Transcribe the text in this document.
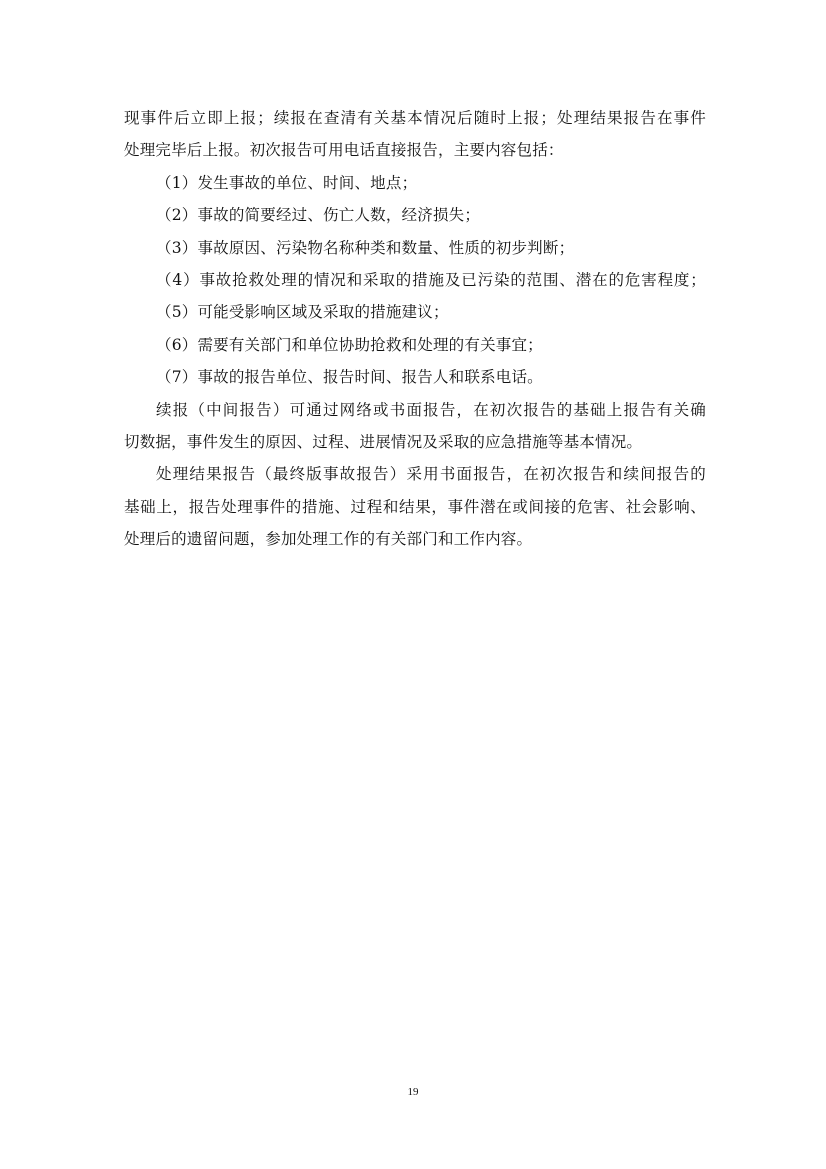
现事件后立即上报；续报在查清有关基本情况后随时上报；处理结果报告在事件
处理完毕后上报。初次报告可用电话直接报告，主要内容包括：
（1）发生事故的单位、时间、地点；
（2）事故的简要经过、伤亡人数，经济损失；
（3）事故原因、污染物名称种类和数量、性质的初步判断；
（4）事故抢救处理的情况和采取的措施及已污染的范围、潜在的危害程度；
（5）可能受影响区域及采取的措施建议；
（6）需要有关部门和单位协助抢救和处理的有关事宜；
（7）事故的报告单位、报告时间、报告人和联系电话。
续报（中间报告）可通过网络或书面报告，在初次报告的基础上报告有关确
切数据，事件发生的原因、过程、进展情况及采取的应急措施等基本情况。
处理结果报告（最终版事故报告）采用书面报告，在初次报告和续间报告的
基础上，报告处理事件的措施、过程和结果，事件潜在或间接的危害、社会影响、
处理后的遗留问题，参加处理工作的有关部门和工作内容。
19
